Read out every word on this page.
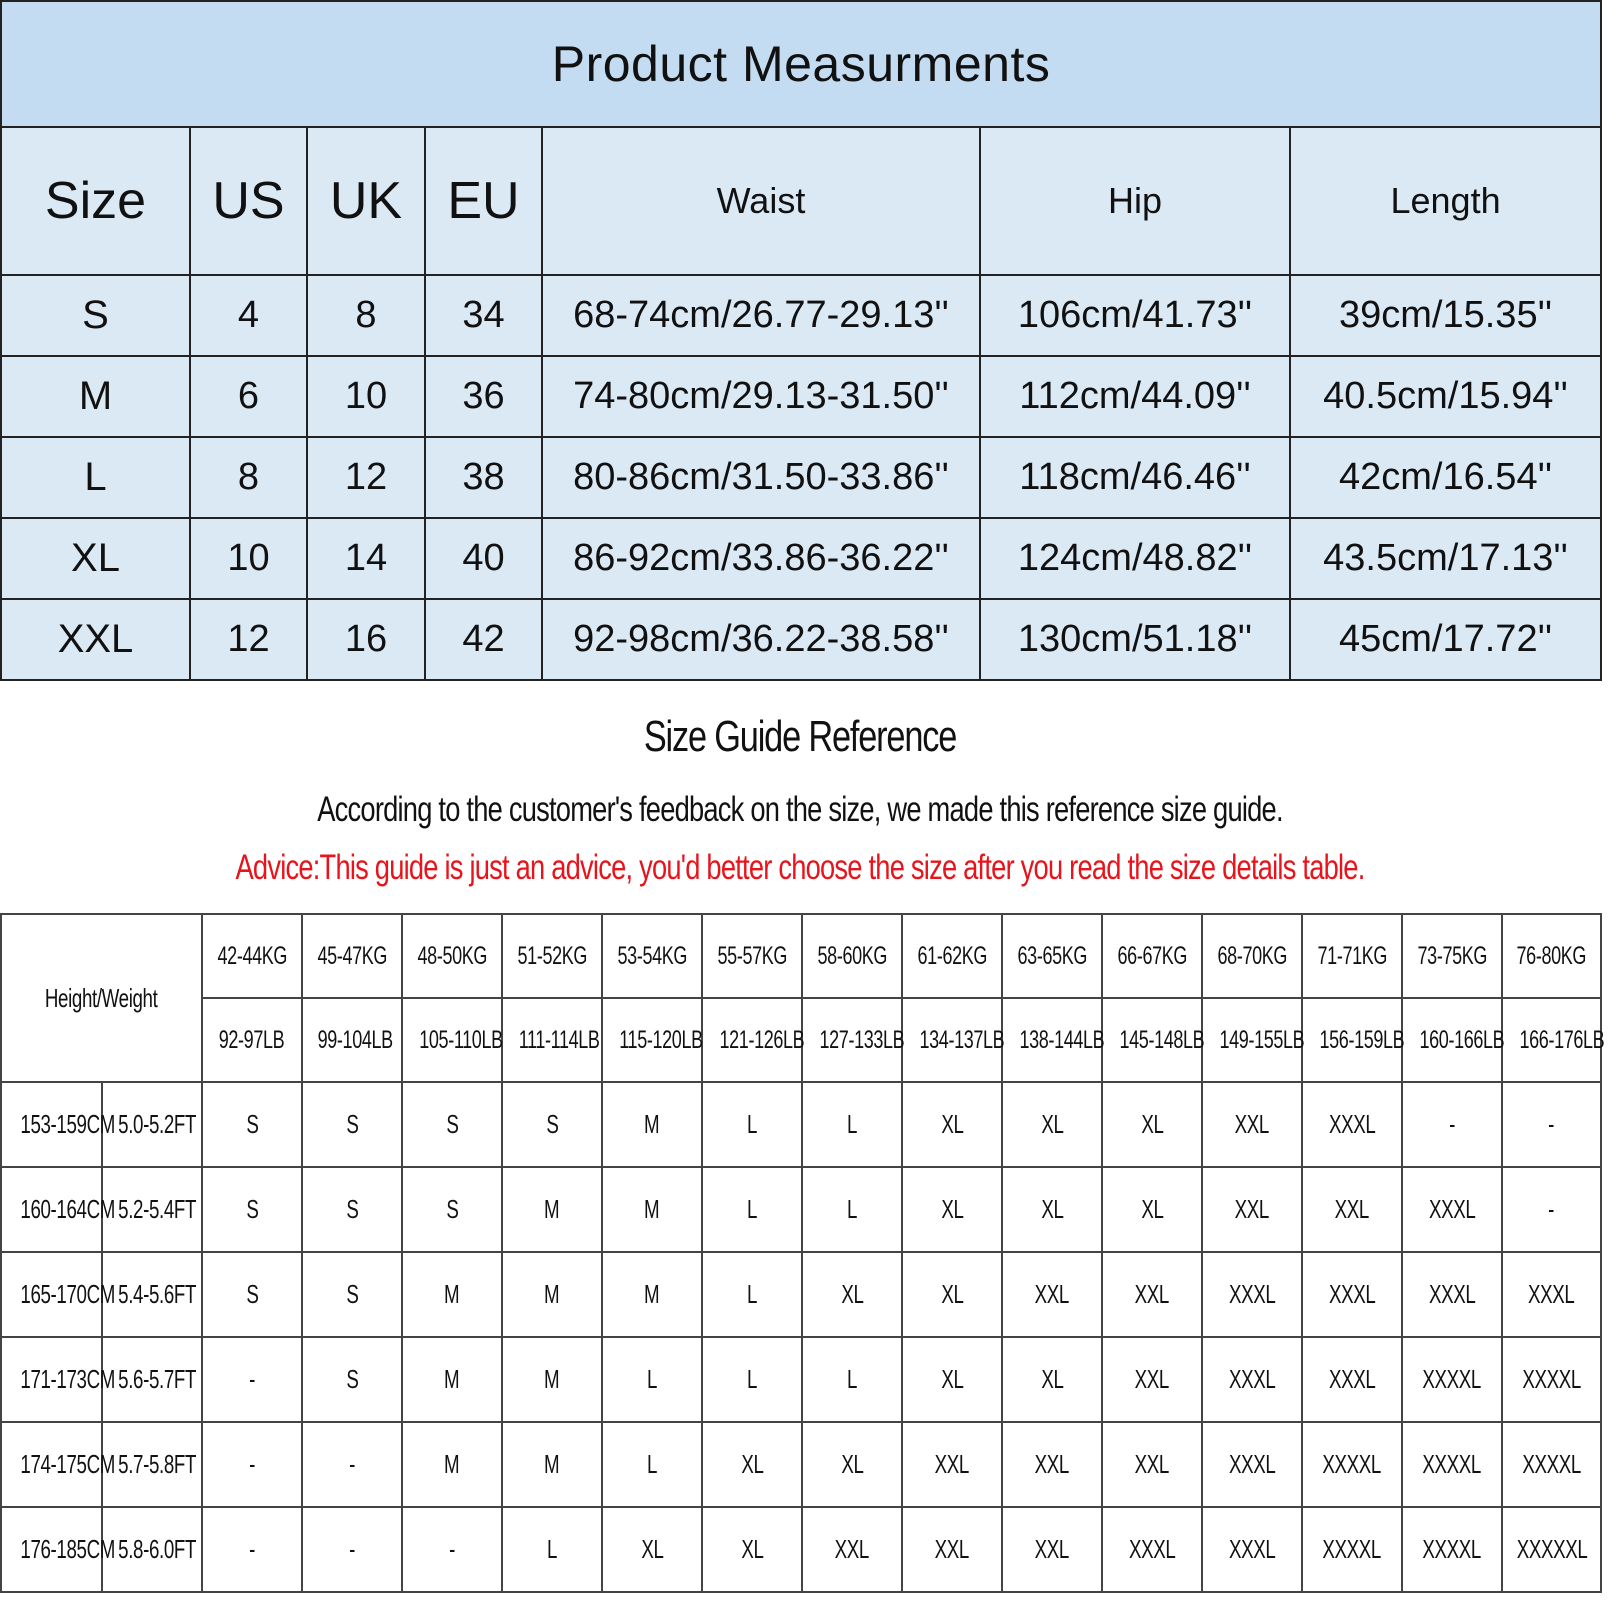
Product Measurments						
Size	US	UK	EU	Waist	Hip	Length
S	4	8	34	68-74cm/26.77-29.13''	106cm/41.73''	39cm/15.35''
M	6	10	36	74-80cm/29.13-31.50''	112cm/44.09''	40.5cm/15.94''
L	8	12	38	80-86cm/31.50-33.86''	118cm/46.46''	42cm/16.54''
XL	10	14	40	86-92cm/33.86-36.22''	124cm/48.82''	43.5cm/17.13''
XXL	12	16	42	92-98cm/36.22-38.58''	130cm/51.18''	45cm/17.72''
Size Guide Reference
According to the customer's feedback on the size, we made this reference size guide.
Advice:This guide is just an advice, you'd better choose the size after you read the size details table.
Height/Weight		42-44KG	45-47KG	48-50KG	51-52KG	53-54KG	55-57KG	58-60KG	61-62KG	63-65KG	66-67KG	68-70KG	71-71KG	73-75KG	76-80KG
		92-97LB	99-104LB	105-110LB	111-114LB	115-120LB	121-126LB	127-133LB	134-137LB	138-144LB	145-148LB	149-155LB	156-159LB	160-166LB	166-176LB
153-159CM	5.0-5.2FT	S	S	S	S	M	L	L	XL	XL	XL	XXL	XXXL	-	-
160-164CM	5.2-5.4FT	S	S	S	M	M	L	L	XL	XL	XL	XXL	XXL	XXXL	-
165-170CM	5.4-5.6FT	S	S	M	M	M	L	XL	XL	XXL	XXL	XXXL	XXXL	XXXL	XXXL
171-173CM	5.6-5.7FT	-	S	M	M	L	L	L	XL	XL	XXL	XXXL	XXXL	XXXXL	XXXXL
174-175CM	5.7-5.8FT	-	-	M	M	L	XL	XL	XXL	XXL	XXL	XXXL	XXXXL	XXXXL	XXXXL
176-185CM	5.8-6.0FT	-	-	-	L	XL	XL	XXL	XXL	XXL	XXXL	XXXL	XXXXL	XXXXL	XXXXXL
